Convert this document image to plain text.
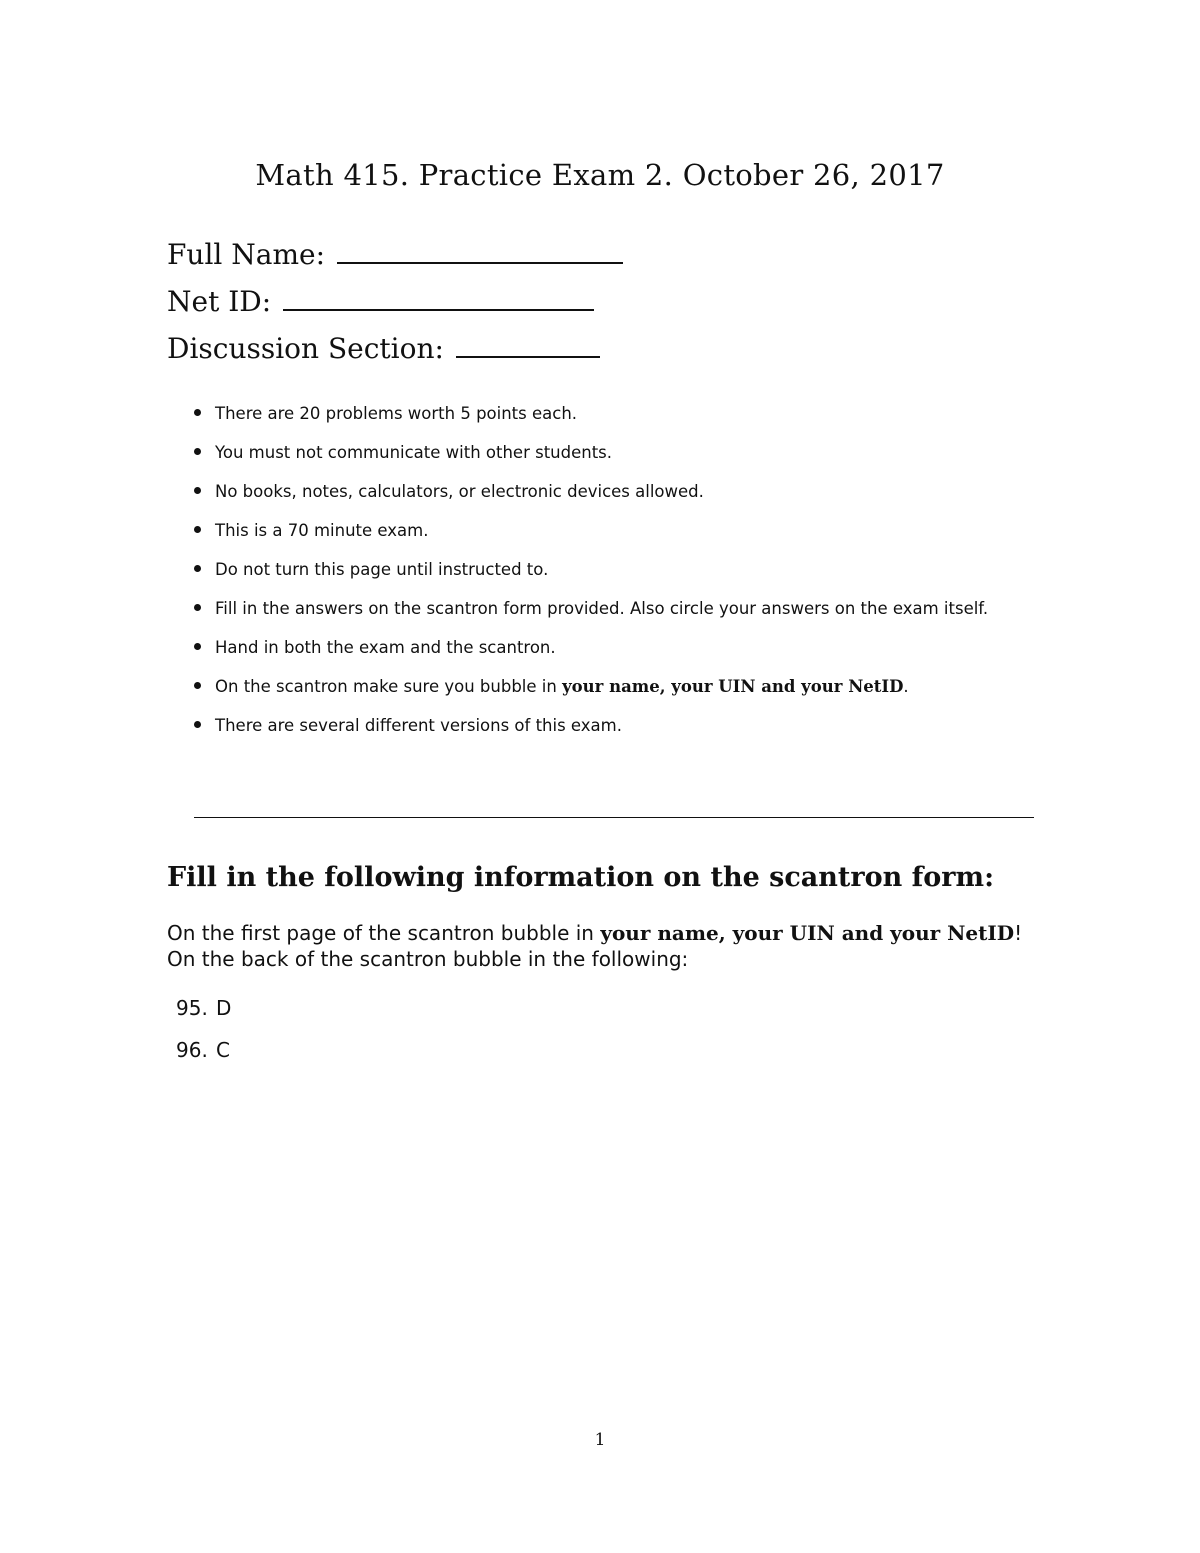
Math 415. Practice Exam 2. October 26, 2017
Full Name:
Net ID:
Discussion Section:
There are 20 problems worth 5 points each.
You must not communicate with other students.
No books, notes, calculators, or electronic devices allowed.
This is a 70 minute exam.
Do not turn this page until instructed to.
Fill in the answers on the scantron form provided. Also circle your answers on the exam itself.
Hand in both the exam and the scantron.
On the scantron make sure you bubble in your name, your UIN and your NetID.
There are several different versions of this exam.
Fill in the following information on the scantron form:
On the first page of the scantron bubble in your name, your UIN and your NetID!
On the back of the scantron bubble in the following:
95. D
96. C
1
